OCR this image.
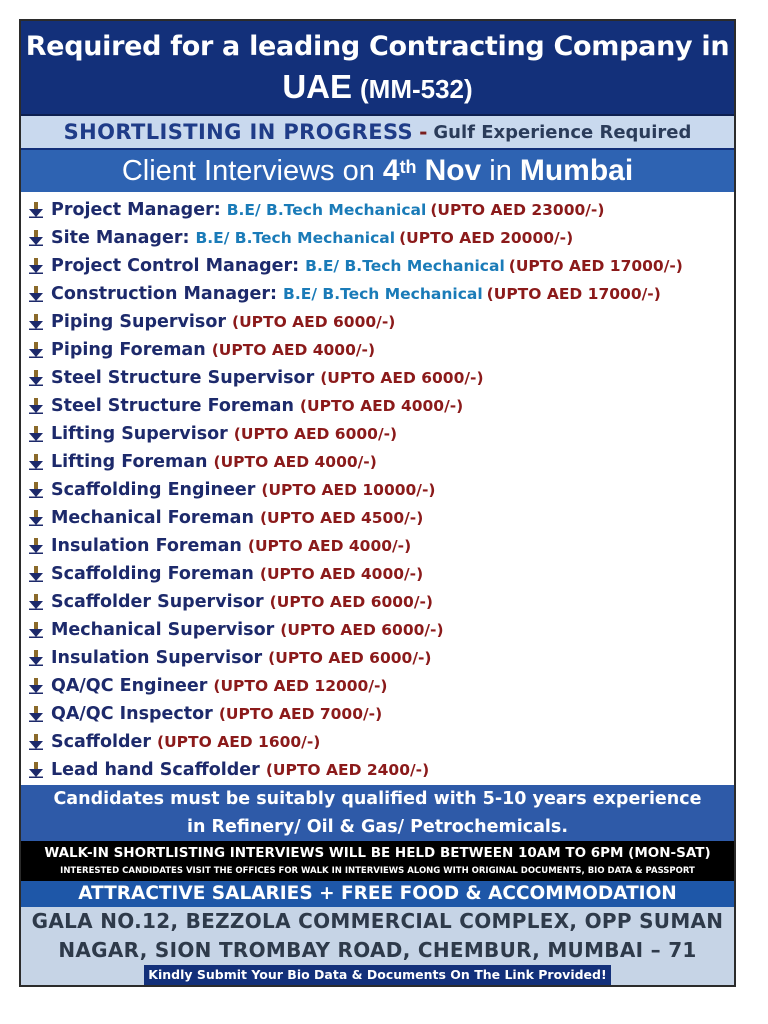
Required for a leading Contracting Company in
UAE (MM-532)
SHORTLISTING IN PROGRESS - Gulf Experience Required
Client Interviews on 4th Nov in Mumbai
Project Manager: B.E/ B.Tech Mechanical (UPTO AED 23000/-)
Site Manager: B.E/ B.Tech Mechanical (UPTO AED 20000/-)
Project Control Manager: B.E/ B.Tech Mechanical (UPTO AED 17000/-)
Construction Manager: B.E/ B.Tech Mechanical (UPTO AED 17000/-)
Piping Supervisor (UPTO AED 6000/-)
Piping Foreman (UPTO AED 4000/-)
Steel Structure Supervisor (UPTO AED 6000/-)
Steel Structure Foreman (UPTO AED 4000/-)
Lifting Supervisor (UPTO AED 6000/-)
Lifting Foreman (UPTO AED 4000/-)
Scaffolding Engineer (UPTO AED 10000/-)
Mechanical Foreman (UPTO AED 4500/-)
Insulation Foreman (UPTO AED 4000/-)
Scaffolding Foreman (UPTO AED 4000/-)
Scaffolder Supervisor (UPTO AED 6000/-)
Mechanical Supervisor (UPTO AED 6000/-)
Insulation Supervisor (UPTO AED 6000/-)
QA/QC Engineer (UPTO AED 12000/-)
QA/QC Inspector (UPTO AED 7000/-)
Scaffolder (UPTO AED 1600/-)
Lead hand Scaffolder (UPTO AED 2400/-)
Candidates must be suitably qualified with 5-10 years experience
in Refinery/ Oil & Gas/ Petrochemicals.
WALK-IN SHORTLISTING INTERVIEWS WILL BE HELD BETWEEN 10AM TO 6PM (MON-SAT)
INTERESTED CANDIDATES VISIT THE OFFICES FOR WALK IN INTERVIEWS ALONG WITH ORIGINAL DOCUMENTS, BIO DATA & PASSPORT
ATTRACTIVE SALARIES + FREE FOOD & ACCOMMODATION
GALA NO.12, BEZZOLA COMMERCIAL COMPLEX, OPP SUMAN
NAGAR, SION TROMBAY ROAD, CHEMBUR, MUMBAI – 71
Kindly Submit Your Bio Data & Documents On The Link Provided!
